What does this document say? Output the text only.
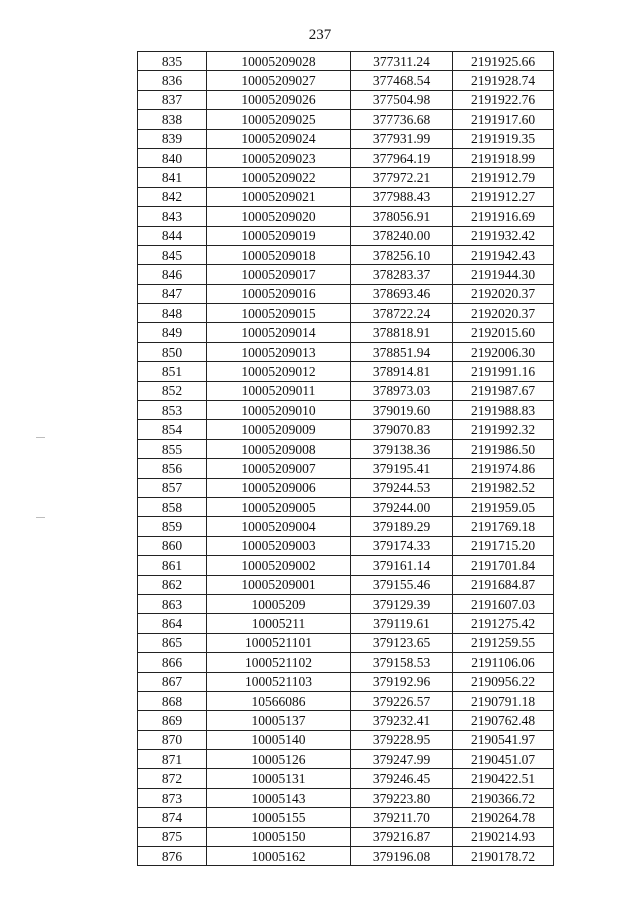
237
835	10005209028	377311.24	2191925.66
836	10005209027	377468.54	2191928.74
837	10005209026	377504.98	2191922.76
838	10005209025	377736.68	2191917.60
839	10005209024	377931.99	2191919.35
840	10005209023	377964.19	2191918.99
841	10005209022	377972.21	2191912.79
842	10005209021	377988.43	2191912.27
843	10005209020	378056.91	2191916.69
844	10005209019	378240.00	2191932.42
845	10005209018	378256.10	2191942.43
846	10005209017	378283.37	2191944.30
847	10005209016	378693.46	2192020.37
848	10005209015	378722.24	2192020.37
849	10005209014	378818.91	2192015.60
850	10005209013	378851.94	2192006.30
851	10005209012	378914.81	2191991.16
852	10005209011	378973.03	2191987.67
853	10005209010	379019.60	2191988.83
854	10005209009	379070.83	2191992.32
855	10005209008	379138.36	2191986.50
856	10005209007	379195.41	2191974.86
857	10005209006	379244.53	2191982.52
858	10005209005	379244.00	2191959.05
859	10005209004	379189.29	2191769.18
860	10005209003	379174.33	2191715.20
861	10005209002	379161.14	2191701.84
862	10005209001	379155.46	2191684.87
863	10005209	379129.39	2191607.03
864	10005211	379119.61	2191275.42
865	1000521101	379123.65	2191259.55
866	1000521102	379158.53	2191106.06
867	1000521103	379192.96	2190956.22
868	10566086	379226.57	2190791.18
869	10005137	379232.41	2190762.48
870	10005140	379228.95	2190541.97
871	10005126	379247.99	2190451.07
872	10005131	379246.45	2190422.51
873	10005143	379223.80	2190366.72
874	10005155	379211.70	2190264.78
875	10005150	379216.87	2190214.93
876	10005162	379196.08	2190178.72
